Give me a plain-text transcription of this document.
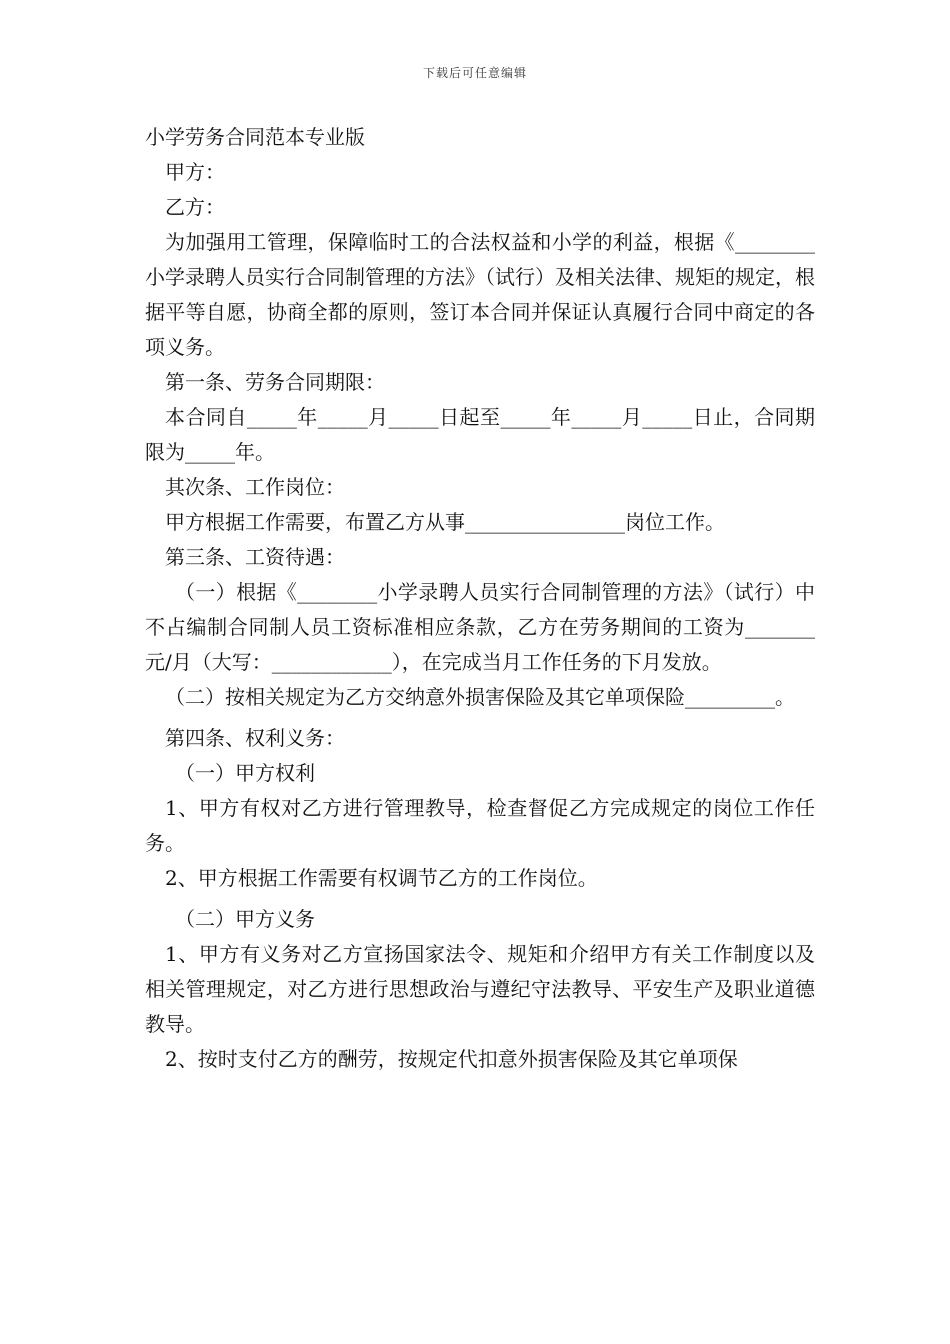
下载后可任意编辑

小学劳务合同范本专业版

甲方：

乙方：

为加强用工管理，保障临时工的合法权益和小学的利益，根据《________小学录聘人员实行合同制管理的方法》（试行）及相关法律、规矩的规定，根据平等自愿，协商全都的原则，签订本合同并保证认真履行合同中商定的各项义务。

第一条、劳务合同期限：

本合同自_____年_____月_____日起至_____年_____月_____日止，合同期限为_____年。

其次条、工作岗位：

甲方根据工作需要，布置乙方从事________________岗位工作。

第三条、工资待遇：

（一）根据《________小学录聘人员实行合同制管理的方法》（试行）中不占编制合同制人员工资标准相应条款，乙方在劳务期间的工资为_______元/月（大写：____________），在完成当月工作任务的下月发放。

（二）按相关规定为乙方交纳意外损害保险及其它单项保险_________。

第四条、权利义务：

（一）甲方权利

1、甲方有权对乙方进行管理教导，检查督促乙方完成规定的岗位工作任务。

2、甲方根据工作需要有权调节乙方的工作岗位。

（二）甲方义务

1、甲方有义务对乙方宣扬国家法令、规矩和介绍甲方有关工作制度以及相关管理规定，对乙方进行思想政治与遵纪守法教导、平安生产及职业道德教导。

2、按时支付乙方的酬劳，按规定代扣意外损害保险及其它单项保
